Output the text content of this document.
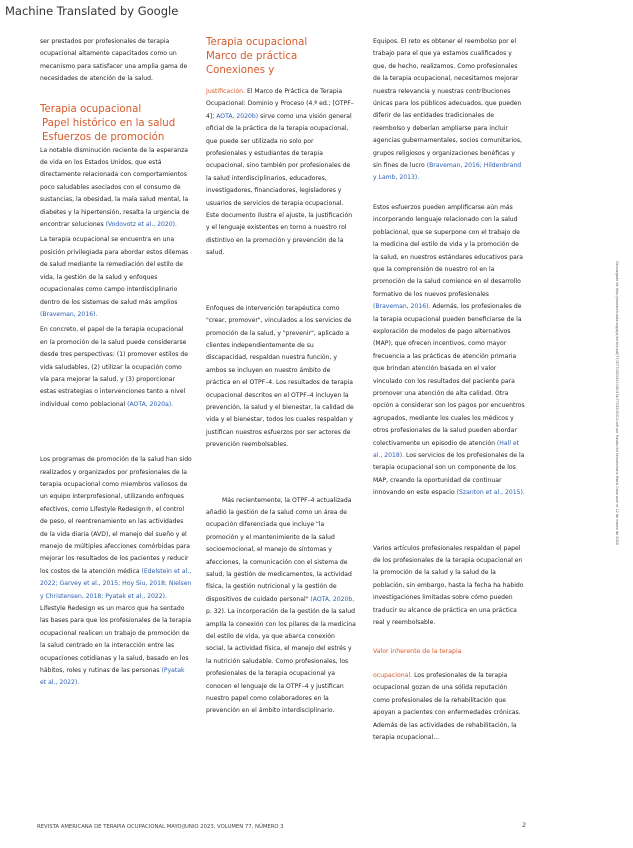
Machine Translated by Google

ser prestados por profesionales de terapia ocupacional altamente capacitados como un mecanismo para satisfacer una amplia gama de necesidades de atención de la salud.

Terapia ocupacional
Papel histórico en la salud
Esfuerzos de promoción

La notable disminución reciente de la esperanza de vida en los Estados Unidos, que está directamente relacionada con comportamientos poco saludables asociados con el consumo de sustancias, la obesidad, la mala salud mental, la diabetes y la hipertensión, resalta la urgencia de encontrar soluciones (Vodovotz et al., 2020).

La terapia ocupacional se encuentra en una posición privilegiada para abordar estos dilemas de salud mediante la remediación del estilo de vida, la gestión de la salud y enfoques ocupacionales como campo interdisciplinario dentro de los sistemas de salud más amplios (Braveman, 2016).

En concreto, el papel de la terapia ocupacional en la promoción de la salud puede considerarse desde tres perspectivas: (1) promover estilos de vida saludables, (2) utilizar la ocupación como vía para mejorar la salud, y (3) proporcionar estas estrategias o intervenciones tanto a nivel individual como poblacional (AOTA, 2020a).

Los programas de promoción de la salud han sido realizados y organizados por profesionales de la terapia ocupacional como miembros valiosos de un equipo interprofesional, utilizando enfoques efectivos, como Lifestyle Redesign®, el control de peso, el reentrenamiento en las actividades de la vida diaria (AVD), el manejo del sueño y el manejo de múltiples afecciones comórbidas para mejorar los resultados de los pacientes y reducir los costos de la atención médica (Edelstein et al., 2022; Garvey et al., 2015; Hoy Siu, 2018; Nielsen y Christensen, 2018; Pyatak et al., 2022). Lifestyle Redesign es un marco que ha sentado las bases para que los profesionales de la terapia ocupacional realicen un trabajo de promoción de la salud centrado en la interacción entre las ocupaciones cotidianas y la salud, basado en los hábitos, roles y rutinas de las personas (Pyatak et al., 2022).

Terapia ocupacional
Marco de práctica
Conexiones y

Justificación. El Marco de Práctica de Terapia Ocupacional: Dominio y Proceso (4.ª ed.; [OTPF–4]; AOTA, 2020b) sirve como una visión general oficial de la práctica de la terapia ocupacional, que puede ser utilizada no solo por profesionales y estudiantes de terapia ocupacional, sino también por profesionales de la salud interdisciplinarios, educadores, investigadores, financiadores, legisladores y usuarios de servicios de terapia ocupacional. Este documento ilustra el ajuste, la justificación y el lenguaje existentes en torno a nuestro rol distintivo en la promoción y prevención de la salud.

Enfoques de intervención terapéutica como "crear, promover", vinculados a los servicios de promoción de la salud, y "prevenir", aplicado a clientes independientemente de su discapacidad, respaldan nuestra función, y ambos se incluyen en nuestro ámbito de práctica en el OTPF–4. Los resultados de terapia ocupacional descritos en el OTPF–4 incluyen la prevención, la salud y el bienestar, la calidad de vida y el bienestar, todos los cuales respaldan y justifican nuestros esfuerzos por ser actores de prevención reembolsables.

Más recientemente, la OTPF–4 actualizada añadió la gestión de la salud como un área de ocupación diferenciada que incluye "la promoción y el mantenimiento de la salud socioemocional, el manejo de síntomas y afecciones, la comunicación con el sistema de salud, la gestión de medicamentos, la actividad física, la gestión nutricional y la gestión de dispositivos de cuidado personal" (AOTA, 2020b, p. 32). La incorporación de la gestión de la salud amplía la conexión con los pilares de la medicina del estilo de vida, ya que abarca conexión social, la actividad física, el manejo del estrés y la nutrición saludable. Como profesionales, los profesionales de la terapia ocupacional ya conocen el lenguaje de la OTPF–4 y justifican nuestro papel como colaboradores en la prevención en el ámbito interdisciplinario.

Equipos. El reto es obtener el reembolso por el trabajo para el que ya estamos cualificados y que, de hecho, realizamos. Como profesionales de la terapia ocupacional, necesitamos mejorar nuestra relevancia y nuestras contribuciones únicas para los públicos adecuados, que pueden diferir de las entidades tradicionales de reembolso y deberían ampliarse para incluir agencias gubernamentales, socios comunitarios, grupos religiosos y organizaciones benéficas y sin fines de lucro (Braveman, 2016; Hildenbrand y Lamb, 2013).

Estos esfuerzos pueden amplificarse aún más incorporando lenguaje relacionado con la salud poblacional, que se superpone con el trabajo de la medicina del estilo de vida y la promoción de la salud, en nuestros estándares educativos para que la comprensión de nuestro rol en la promoción de la salud comience en el desarrollo formativo de los nuevos profesionales (Braveman, 2016). Además, los profesionales de la terapia ocupacional pueden beneficiarse de la exploración de modelos de pago alternativos (MAP), que ofrecen incentivos, como mayor frecuencia a las prácticas de atención primaria que brindan atención basada en el valor vinculado con los resultados del paciente para promover una atención de alta calidad. Otra opción a considerar son los pagos por encuentros agrupados, mediante los cuales los médicos y otros profesionales de la salud pueden abordar colectivamente un episodio de atención (Hall et al., 2018). Los servicios de los profesionales de la terapia ocupacional son un componente de los MAP, creando la oportunidad de continuar innovando en este espacio (Szanton et al., 2015).

Varios artículos profesionales respaldan el papel de los profesionales de la terapia ocupacional en la promoción de la salud y la salud de la población, sin embargo, hasta la fecha ha habido investigaciones limitadas sobre cómo pueden traducir su alcance de práctica en una práctica real y reembolsable.

Valor inherente de la terapia

ocupacional. Los profesionales de la terapia ocupacional gozan de una sólida reputación como profesionales de la rehabilitación que apoyan a pacientes con enfermedades crónicas. Además de las actividades de rehabilitación, la terapia ocupacional...

Descargado de http://research.aota.org/ajot/article-pdf/77/3/7703205010/81374/7703205010.pdf por Fundación Universitaria Maria Cano user el 12 de marzo de 2024
REVISTA AMERICANA DE TERAPIA OCUPACIONAL MAYO/JUNIO 2023, VOLUMEN 77, NÚMERO 3	2
